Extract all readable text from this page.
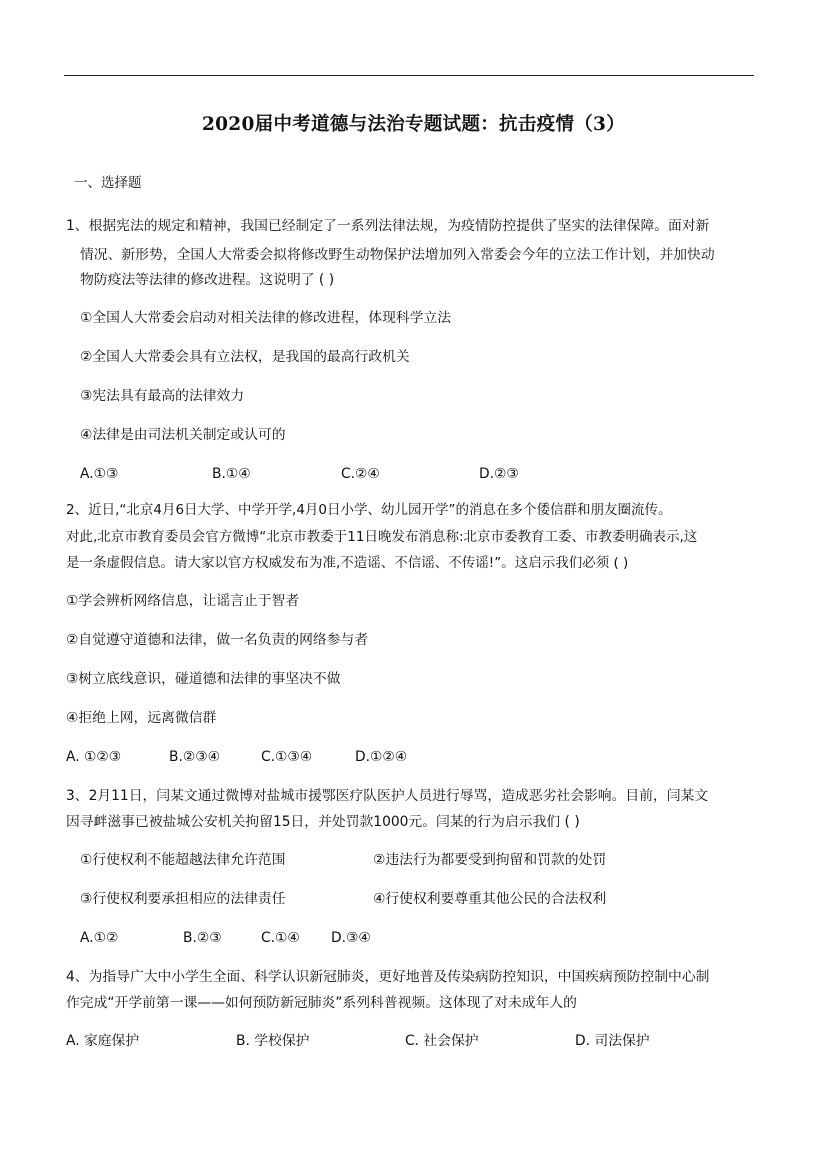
2020届中考道德与法治专题试题：抗击疫情（3）
一、选择题
1、根据宪法的规定和精神，我国已经制定了一系列法律法规，为疫情防控提供了坚实的法律保障。面对新
情况、新形势，全国人大常委会拟将修改野生动物保护法增加列入常委会今年的立法工作计划，并加快动
物防疫法等法律的修改进程。这说明了 ( )
①全国人大常委会启动对相关法律的修改进程，体现科学立法
②全国人大常委会具有立法权，是我国的最高行政机关
③宪法具有最高的法律效力
④法律是由司法机关制定或认可的
A.①③	B.①④	C.②④	D.②③
2、近日,“北京4月6日大学、中学开学,4月0日小学、幼儿园开学”的消息在多个倭信群和朋友圈流传。
对此,北京市教育委员会官方微博“北京市教委于11日晚发布消息称:北京市委教育工委、市教委明确表示,这
是一条虚假信息。请大家以官方权威发布为准,不造谣、不信谣、不传谣!”。这启示我们必须 ( )
①学会辨析网络信息，让谣言止于智者
②自觉遵守道德和法律，做一名负责的网络参与者
③树立底线意识，碰道德和法律的事坚决不做
④拒绝上网，远离微信群
A. ①②③	B.②③④	C.①③④	D.①②④
3、2月11日，闫某文通过微博对盐城市援鄂医疗队医护人员进行辱骂，造成恶劣社会影响。目前，闫某文
因寻衅滋事已被盐城公安机关拘留15日，并处罚款1000元。闫某的行为启示我们 ( )
①行使权利不能超越法律允许范围	②违法行为都要受到拘留和罚款的处罚
③行使权利要承担相应的法律责任	④行使权利要尊重其他公民的合法权利
A.①②	B.②③	C.①④ D.③④
4、为指导广大中小学生全面、科学认识新冠肺炎，更好地普及传染病防控知识，中国疾病预防控制中心制
作完成“开学前第一课——如何预防新冠肺炎”系列科普视频。这体现了对未成年人的
A. 家庭保护	B. 学校保护	C. 社会保护	D. 司法保护
